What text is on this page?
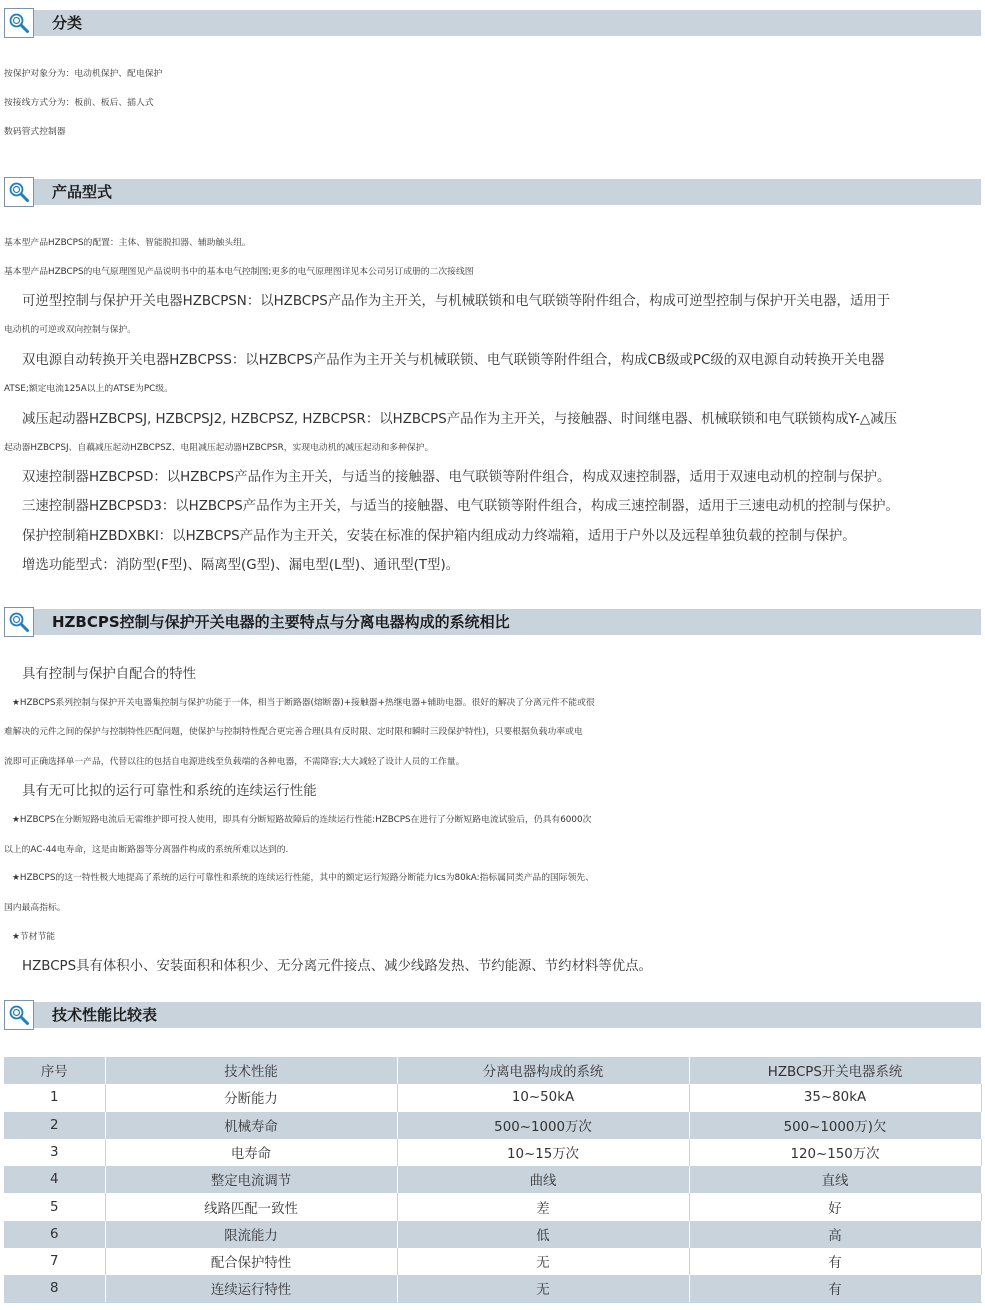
分类

按保护对象分为：电动机保护、配电保护

按接线方式分为：板前、板后、插人式

数码管式控制器

产品型式

基本型产品HZBCPS的配置：主体、智能脱扣器、辅助触头组。

基本型产品HZBCPS的电气原理图见产品说明书中的基本电气控制图;更多的电气原理图详见本公司另订成册的二次接线图

可逆型控制与保护开关电器HZBCPSN：以HZBCPS产品作为主开关，与机械联锁和电气联锁等附件组合，构成可逆型控制与保护开关电器，适用于

电动机的可逆或双向控制与保护。

双电源自动转换开关电器HZBCPSS：以HZBCPS产品作为主开关与机械联锁、电气联锁等附件组合，构成CB级或PC级的双电源自动转换开关电器

ATSE;额定电流125A以上的ATSE为PC级。

减压起动器HZBCPSJ, HZBCPSJ2, HZBCPSZ, HZBCPSR：以HZBCPS产品作为主开关，与接触器、时间继电器、机械联锁和电气联锁构成Y-△减压

起动器HZBCPSJ、自藕减压起动HZBCPSZ、电阻减压起动器HZBCPSR，实现电动机的减压起动和多种保护。

双速控制器HZBCPSD：以HZBCPS产品作为主开关，与适当的接触器、电气联锁等附件组合，构成双速控制器，适用于双速电动机的控制与保护。

三速控制器HZBCPSD3：以HZBCPS产品作为主开关，与适当的接触器、电气联锁等附件组合，构成三速控制器，适用于三速电动机的控制与保护。

保护控制箱HZBDXBKI：以HZBCPS产品作为主开关，安装在标准的保护箱内组成动力终端箱，适用于户外以及远程单独负载的控制与保护。

增选功能型式：消防型(F型)、隔离型(G型)、漏电型(L型)、通讯型(T型)。

HZBCPS控制与保护开关电器的主要特点与分离电器构成的系统相比

具有控制与保护自配合的特性

★HZBCPS系列控制与保护开关电器集控制与保护功能于一体，相当于断路器(熔断器)+接触器+热继电器+辅助电器。很好的解决了分离元件不能或很

难解决的元件之间的保护与控制特性匹配问题，使保护与控制特性配合更完善合理(具有反时限、定时限和瞬时三段保护特性)，只要根据负载功率或电

流即可正确选择单一产品，代替以往的包括自电源进线至负载端的各种电器，不需降容;大大减轻了设计人员的工作量。

具有无可比拟的运行可靠性和系统的连续运行性能

★HZBCPS在分断短路电流后无需维护即可投人使用，即具有分断短路故障后的连续运行性能:HZBCPS在进行了分断短路电流试验后，仍具有6000次

以上的AC-44电寿命，这是由断路器等分离器件构成的系统所难以达到的.

★HZBCPS的这一特性极大地提高了系统的运行可靠性和系统的连续运行性能，其中的额定运行短路分断能力Ics为80kA:指标属同类产品的国际领先、

国内最高指标。

★节材节能

HZBCPS具有体积小、安装面积和体积少、无分离元件接点、减少线路发热、节约能源、节约材料等优点。

技术性能比较表
序号	技术性能	分离电器构成的系统	HZBCPS开关电器系统
1	分断能力	10~50kA	35~80kA
2	机械寿命	500~1000万次	500~1000万)欠
3	电寿命	10~15万次	120~150万次
4	整定电流调节	曲线	直线
5	线路匹配一致性	差	好
6	限流能力	低	高
7	配合保护特性	无	有
8	连续运行特性	无	有
